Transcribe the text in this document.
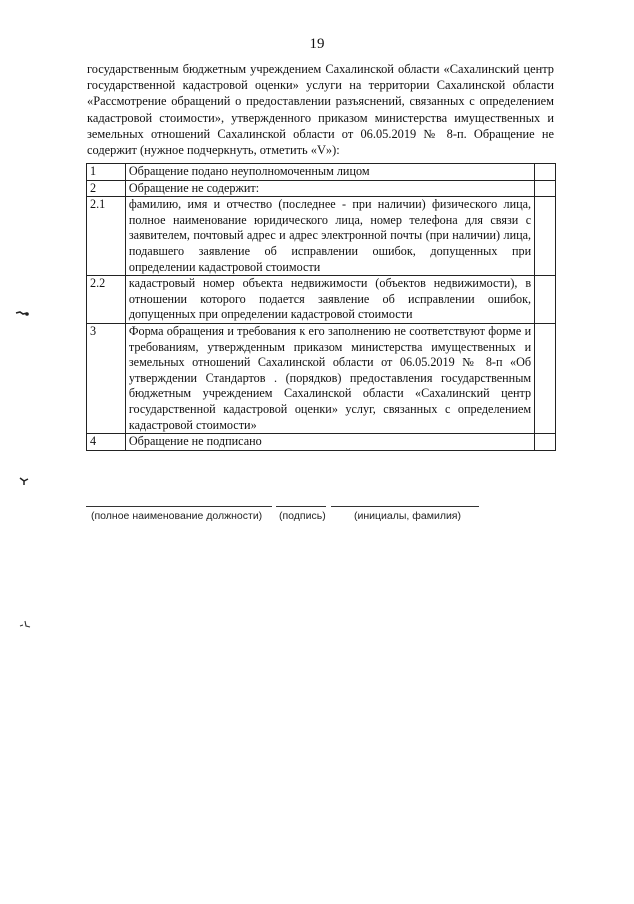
19

государственным бюджетным учреждением Сахалинской области «Сахалинский центр государственной кадастровой оценки» услуги на территории Сахалинской области «Рассмотрение обращений о предоставлении разъяснений, связанных с определением кадастровой стоимости», утвержденного приказом министерства имущественных и земельных отношений Сахалинской области от 06.05.2019 № 8-п. Обращение не содержит (нужное подчеркнуть, отметить «V»):

1	Обращение подано неуполномоченным лицом	
2	Обращение не содержит:	
2.1	фамилию, имя и отчество (последнее - при наличии) физического лица, полное наименование юридического лица, номер телефона для связи с заявителем, почтовый адрес и адрес электронной почты (при наличии) лица, подавшего заявление об исправлении ошибок, допущенных при определении кадастровой стоимости	
2.2	кадастровый номер объекта недвижимости (объектов недвижимости), в отношении которого подается заявление об исправлении ошибок, допущенных при определении кадастровой стоимости	
3	Форма обращения и требования к его заполнению не соответствуют форме и требованиям, утвержденным приказом министерства имущественных и земельных отношений Сахалинской области от 06.05.2019 № 8-п «Об утверждении Стандартов . (порядков) предоставления государственным бюджетным учреждением Сахалинской области «Сахалинский центр государственной кадастровой оценки» услуг, связанных с определением кадастровой стоимости»	
4	Обращение не подписано	
(полное наименование должности) (подпись)	(инициалы, фамилия)
